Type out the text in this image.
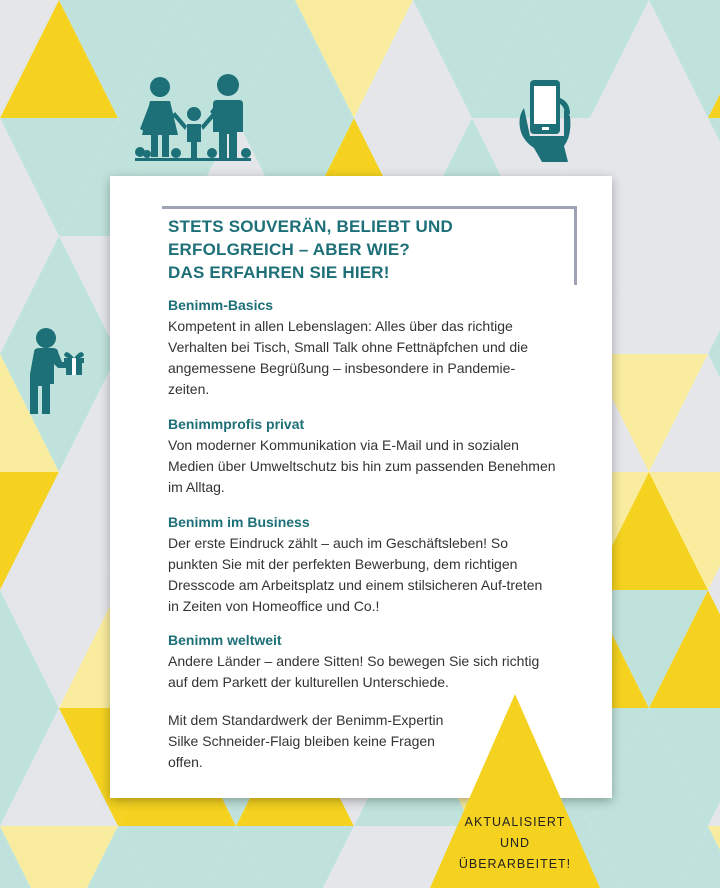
STETS SOUVERÄN, BELIEBT UND
ERFOLGREICH – ABER WIE?
DAS ERFAHREN SIE HIER!
Benimm-Basics

Kompetent in allen Lebenslagen: Alles über das richtige Verhalten bei Tisch, Small Talk ohne Fettnäpfchen und die angemessene Begrüßung – insbesondere in Pandemie-zeiten.

Benimmprofis privat

Von moderner Kommunikation via E-Mail und in sozialen Medien über Umweltschutz bis hin zum passenden Benehmen im Alltag.

Benimm im Business

Der erste Eindruck zählt – auch im Geschäftsleben! So punkten Sie mit der perfekten Bewerbung, dem richtigen Dresscode am Arbeitsplatz und einem stilsicheren Auf-treten in Zeiten von Homeoffice und Co.!

Benimm weltweit

Andere Länder – andere Sitten! So bewegen Sie sich richtig auf dem Parkett der kulturellen Unterschiede.

Mit dem Standardwerk der Benimm-Expertin Silke Schneider-Flaig bleiben keine Fragen offen.

AKTUALISIERT
UND
ÜBERARBEITET!
